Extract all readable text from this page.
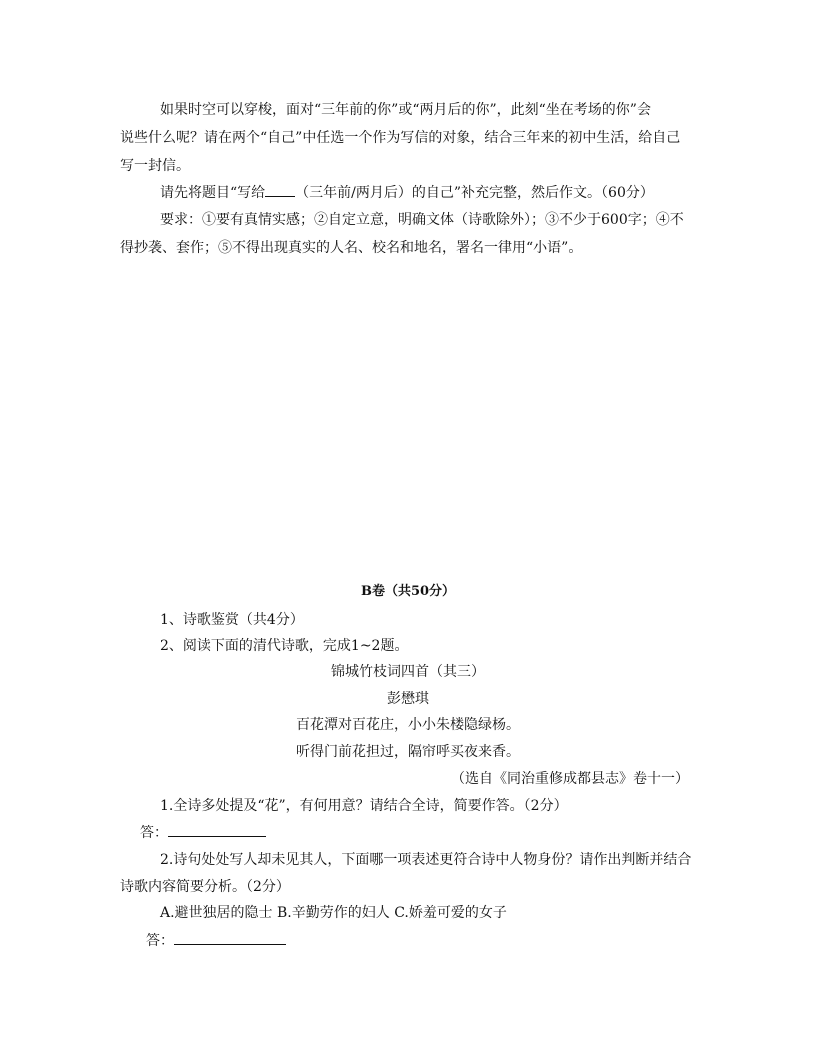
如果时空可以穿梭，面对“三年前的你”或“两月后的你”，此刻“坐在考场的你”会
说些什么呢？请在两个“自己”中任选一个作为写信的对象，结合三年来的初中生活，给自己
写一封信。
请先将题目“写给 （三年前/两月后）的自己”补充完整，然后作文。（60分）
要求：①要有真情实感；②自定立意，明确文体（诗歌除外）；③不少于600字；④不
得抄袭、套作；⑤不得出现真实的人名、校名和地名，署名一律用“小语”。
B卷（共50分）
1、诗歌鉴赏（共4分）
2、阅读下面的清代诗歌，完成1~2题。
锦城竹枝词四首（其三）
彭懋琪
百花潭对百花庄，小小朱楼隐绿杨。
听得门前花担过，隔帘呼买夜来香。
（选自《同治重修成都县志》卷十一）
1.全诗多处提及“花”，有何用意？请结合全诗，简要作答。（2分）
答：
2.诗句处处写人却未见其人，下面哪一项表述更符合诗中人物身份？请作出判断并结合
诗歌内容简要分析。（2分）
A.避世独居的隐士 B.辛勤劳作的妇人 C.娇羞可爱的女子
答：
